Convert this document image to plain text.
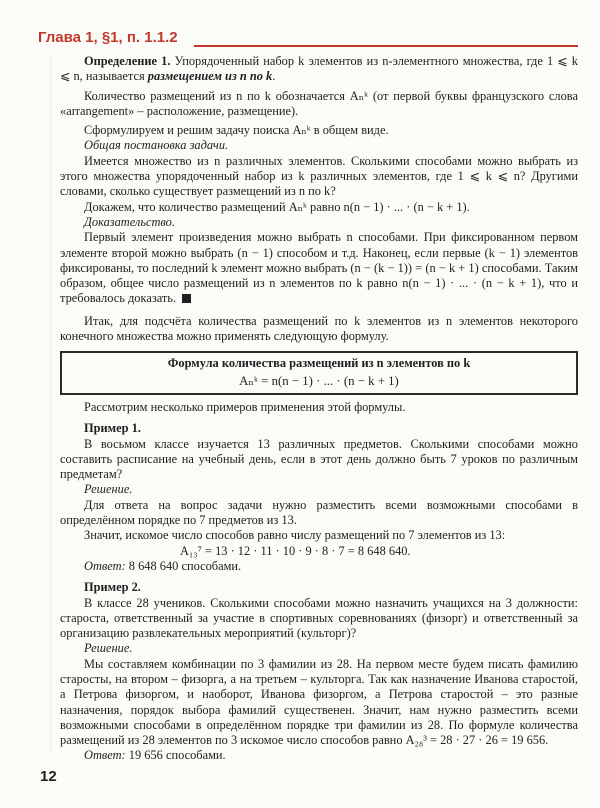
Глава 1, §1, п. 1.1.2

Определение 1. Упорядоченный набор k элементов из n-элементного множества, где 1 ⩽ k ⩽ n, называется размещением из n по k.

Количество размещений из n по k обозначается Aₙᵏ (от первой буквы французского слова «arrangement» – расположение, размещение).

Сформулируем и решим задачу поиска Aₙᵏ в общем виде.

Общая постановка задачи.

Имеется множество из n различных элементов. Сколькими способами можно выбрать из этого множества упорядоченный набор из k различных элементов, где 1 ⩽ k ⩽ n? Другими словами, сколько существует размещений из n по k?

Докажем, что количество размещений Aₙᵏ равно n(n − 1) · ... · (n − k + 1).

Доказательство.

Первый элемент произведения можно выбрать n способами. При фиксированном первом элементе второй можно выбрать (n − 1) способом и т.д. Наконец, если первые (k − 1) элементов фиксированы, то последний k элемент можно выбрать (n − (k − 1)) = (n − k + 1) способами. Таким образом, общее число размещений из n элементов по k равно n(n − 1) · ... · (n − k + 1), что и требовалось доказать.

Итак, для подсчёта количества размещений по k элементов из n элементов некоторого конечного множества можно применять следующую формулу.

Формула количества размещений из n элементов по k
Aₙᵏ = n(n − 1) · ... · (n − k + 1)

Рассмотрим несколько примеров применения этой формулы.

Пример 1.

В восьмом классе изучается 13 различных предметов. Сколькими способами можно составить расписание на учебный день, если в этот день должно быть 7 уроков по различным предметам?

Решение.

Для ответа на вопрос задачи нужно разместить всеми возможными способами в определённом порядке по 7 предметов из 13.

Значит, искомое число способов равно числу размещений по 7 элементов из 13:

A₁₃⁷ = 13 · 12 · 11 · 10 · 9 · 8 · 7 = 8 648 640.

Ответ: 8 648 640 способами.

Пример 2.

В классе 28 учеников. Сколькими способами можно назначить учащихся на 3 должности: староста, ответственный за участие в спортивных соревнованиях (физорг) и ответственный за организацию развлекательных мероприятий (культорг)?

Решение.

Мы составляем комбинации по 3 фамилии из 28. На первом месте будем писать фамилию старосты, на втором – физорга, а на третьем – культорга. Так как назначение Иванова старостой, а Петрова физоргом, и наоборот, Иванова физоргом, а Петрова старостой – это разные назначения, порядок выбора фамилий существенен. Значит, нам нужно разместить всеми возможными способами в определённом порядке три фамилии из 28. По формуле количества размещений из 28 элементов по 3 искомое число способов равно A₂₈³ = 28 · 27 · 26 = 19 656.

Ответ: 19 656 способами.

12
